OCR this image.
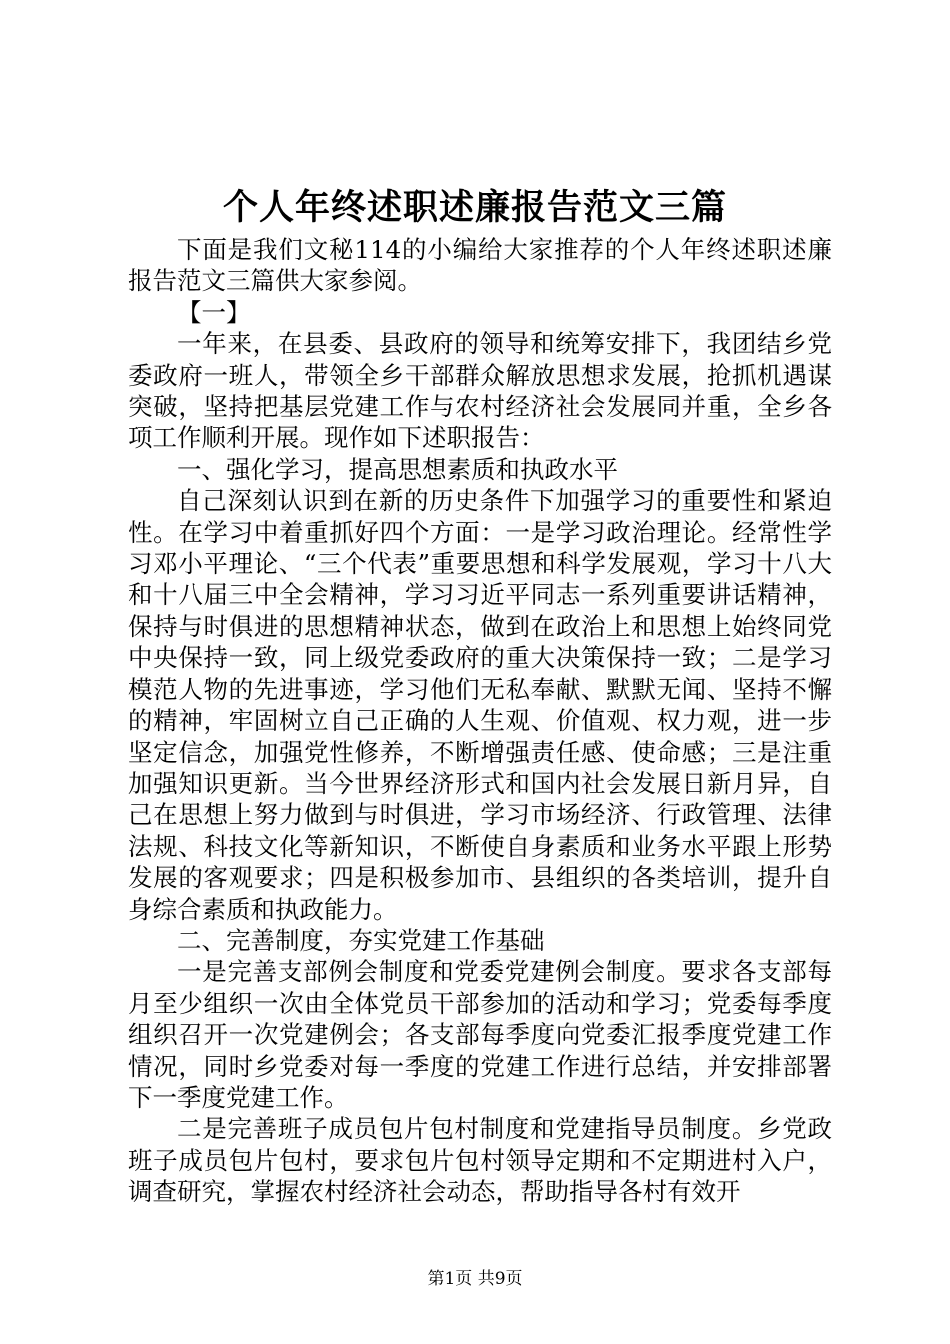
个人年终述职述廉报告范文三篇

下面是我们文秘114的小编给大家推荐的个人年终述职述廉报告范文三篇供大家参阅。

【一】

一年来，在县委、县政府的领导和统筹安排下，我团结乡党委政府一班人，带领全乡干部群众解放思想求发展，抢抓机遇谋突破，坚持把基层党建工作与农村经济社会发展同并重，全乡各项工作顺利开展。现作如下述职报告：

一、强化学习，提高思想素质和执政水平

自己深刻认识到在新的历史条件下加强学习的重要性和紧迫性。在学习中着重抓好四个方面：一是学习政治理论。经常性学习邓小平理论、“三个代表”重要思想和科学发展观，学习十八大和十八届三中全会精神，学习习近平同志一系列重要讲话精神，保持与时俱进的思想精神状态，做到在政治上和思想上始终同党中央保持一致，同上级党委政府的重大决策保持一致；二是学习模范人物的先进事迹，学习他们无私奉献、默默无闻、坚持不懈的精神，牢固树立自己正确的人生观、价值观、权力观，进一步坚定信念，加强党性修养，不断增强责任感、使命感；三是注重加强知识更新。当今世界经济形式和国内社会发展日新月异，自己在思想上努力做到与时俱进，学习市场经济、行政管理、法律法规、科技文化等新知识，不断使自身素质和业务水平跟上形势发展的客观要求；四是积极参加市、县组织的各类培训，提升自身综合素质和执政能力。

二、完善制度，夯实党建工作基础

一是完善支部例会制度和党委党建例会制度。要求各支部每月至少组织一次由全体党员干部参加的活动和学习；党委每季度组织召开一次党建例会；各支部每季度向党委汇报季度党建工作情况，同时乡党委对每一季度的党建工作进行总结，并安排部署下一季度党建工作。

二是完善班子成员包片包村制度和党建指导员制度。乡党政班子成员包片包村，要求包片包村领导定期和不定期进村入户，调查研究，掌握农村经济社会动态，帮助指导各村有效开

第1页 共9页
